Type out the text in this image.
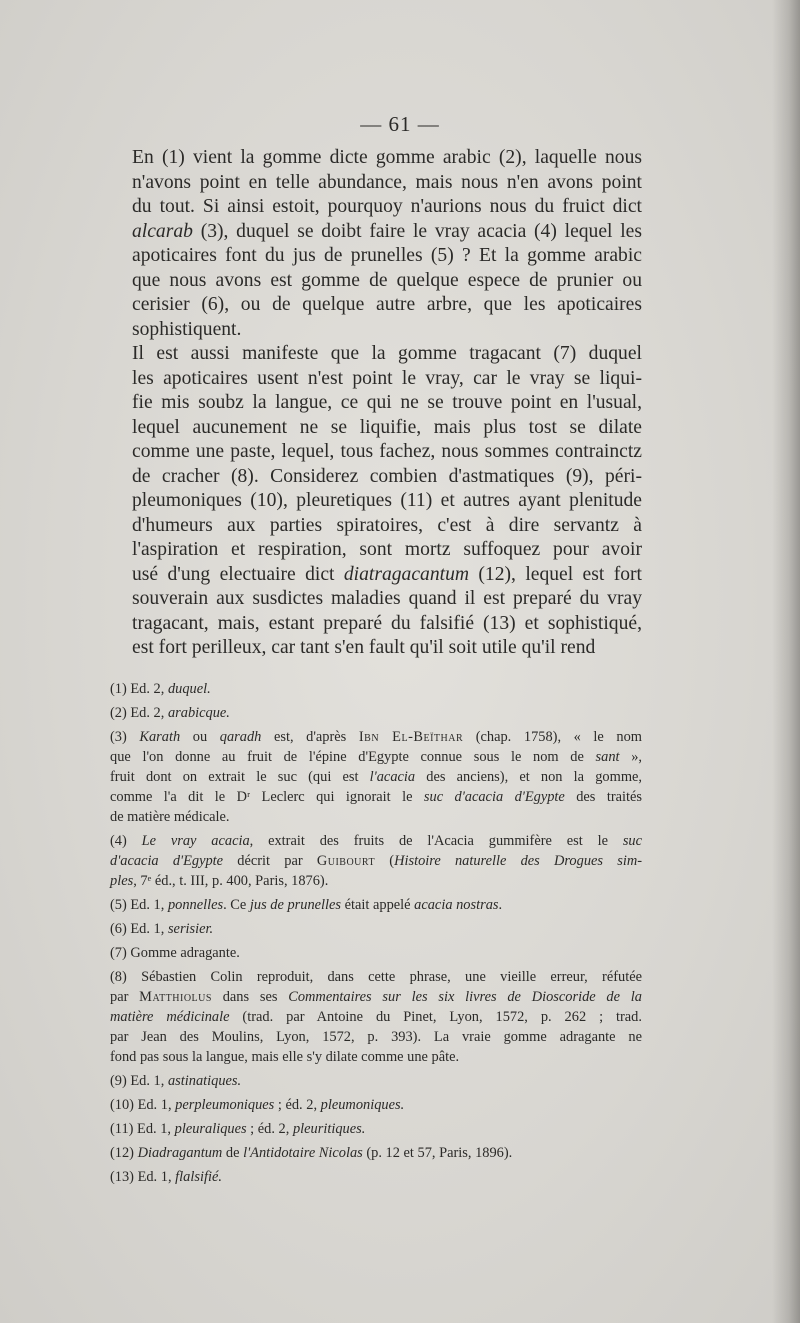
— 61 —

En (1) vient la gomme dicte gomme arabic (2), laquelle nous
n'avons point en telle abundance, mais nous n'en avons point
du tout. Si ainsi estoit, pourquoy n'aurions nous du fruict dict
alcarab (3), duquel se doibt faire le vray acacia (4) lequel les
apoticaires font du jus de prunelles (5) ? Et la gomme arabic
que nous avons est gomme de quelque espece de prunier ou
cerisier (6), ou de quelque autre arbre, que les apoticaires
sophistiquent.

Il est aussi manifeste que la gomme tragacant (7) duquel
les apoticaires usent n'est point le vray, car le vray se liqui-
fie mis soubz la langue, ce qui ne se trouve point en l'usual,
lequel aucunement ne se liquifie, mais plus tost se dilate
comme une paste, lequel, tous fachez, nous sommes contrainctz
de cracher (8). Considerez combien d'astmatiques (9), péri-
pleumoniques (10), pleuretiques (11) et autres ayant plenitude
d'humeurs aux parties spiratoires, c'est à dire servantz à
l'aspiration et respiration, sont mortz suffoquez pour avoir
usé d'ung electuaire dict diatragacantum (12), lequel est fort
souverain aux susdictes maladies quand il est preparé du vray
tragacant, mais, estant preparé du falsifié (13) et sophistiqué,
est fort perilleux, car tant s'en fault qu'il soit utile qu'il rend

(1) Ed. 2, duquel.

(2) Ed. 2, arabicque.

(3) Karath ou qaradh est, d'après Ibn El-Beïthar (chap. 1758), « le nom
que l'on donne au fruit de l'épine d'Egypte connue sous le nom de sant »,
fruit dont on extrait le suc (qui est l'acacia des anciens), et non la gomme,
comme l'a dit le Dʳ Leclerc qui ignorait le suc d'acacia d'Egypte des traités
de matière médicale.

(4) Le vray acacia, extrait des fruits de l'Acacia gummifère est le suc
d'acacia d'Egypte décrit par Guibourt (Histoire naturelle des Drogues sim-
ples, 7ᵉ éd., t. III, p. 400, Paris, 1876).

(5) Ed. 1, ponnelles. Ce jus de prunelles était appelé acacia nostras.

(6) Ed. 1, serisier.

(7) Gomme adragante.

(8) Sébastien Colin reproduit, dans cette phrase, une vieille erreur, réfutée
par Matthiolus dans ses Commentaires sur les six livres de Dioscoride de la
matière médicinale (trad. par Antoine du Pinet, Lyon, 1572, p. 262 ; trad.
par Jean des Moulins, Lyon, 1572, p. 393). La vraie gomme adragante ne
fond pas sous la langue, mais elle s'y dilate comme une pâte.

(9) Ed. 1, astinatiques.

(10) Ed. 1, perpleumoniques ; éd. 2, pleumoniques.

(11) Ed. 1, pleuraliques ; éd. 2, pleuritiques.

(12) Diadragantum de l'Antidotaire Nicolas (p. 12 et 57, Paris, 1896).

(13) Ed. 1, flalsifié.
